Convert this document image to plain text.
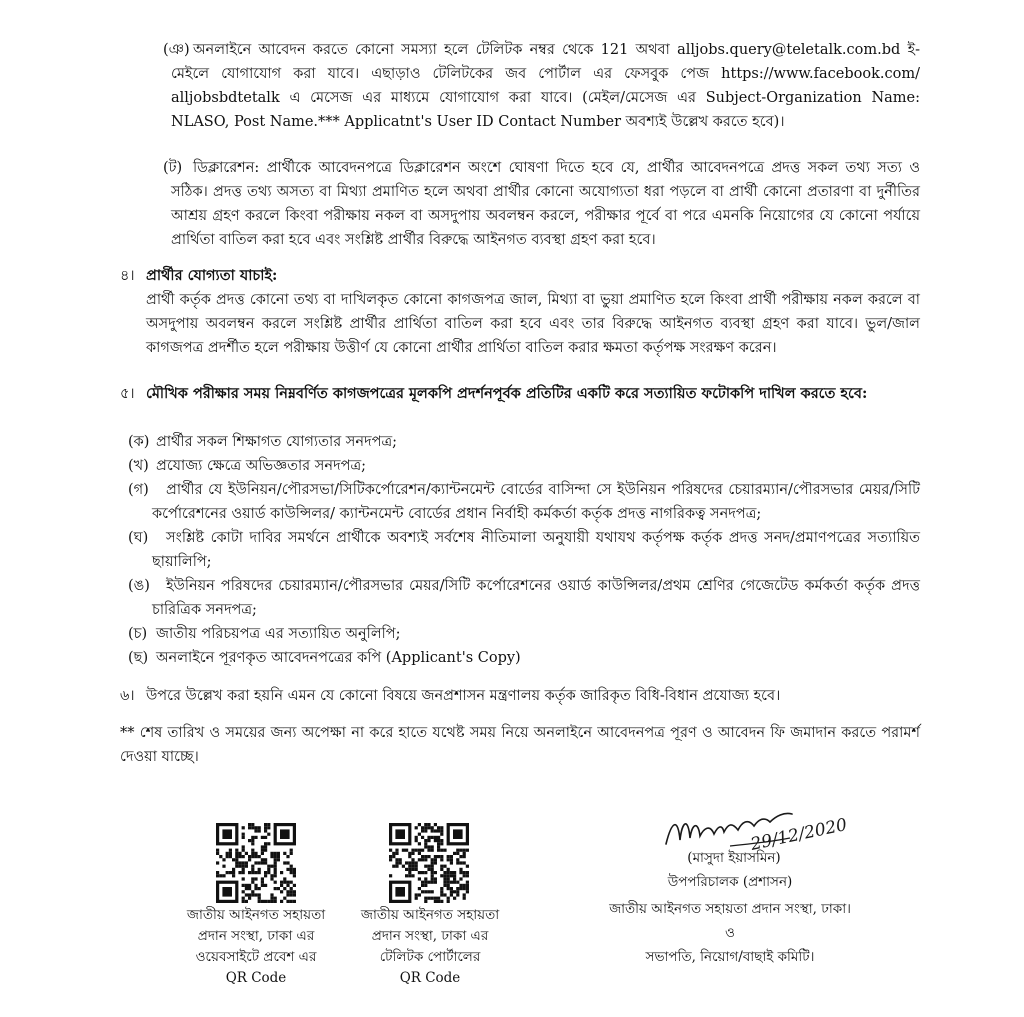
(ঞ) অনলাইনে আবেদন করতে কোনো সমস্যা হলে টেলিটক নম্বর থেকে 121 অথবা alljobs.query@teletalk.com.bd ই-মেইলে যোগাযোগ করা যাবে। এছাড়াও টেলিটকের জব পোর্টাল এর ফেসবুক পেজ https://www.facebook.com/ alljobsbdtetalk এ মেসেজ এর মাধ্যমে যোগাযোগ করা যাবে। (মেইল/মেসেজ এর Subject-Organization Name: NLASO, Post Name.*** Applicatnt's User ID Contact Number অবশ্যই উল্লেখ করতে হবে)।
(ট) ডিক্লারেশন: প্রার্থীকে আবেদনপত্রে ডিক্লারেশন অংশে ঘোষণা দিতে হবে যে, প্রার্থীর আবেদনপত্রে প্রদত্ত সকল তথ্য সত্য ও সঠিক। প্রদত্ত তথ্য অসত্য বা মিথ্যা প্রমাণিত হলে অথবা প্রার্থীর কোনো অযোগ্যতা ধরা পড়লে বা প্রার্থী কোনো প্রতারণা বা দুর্নীতির আশ্রয় গ্রহণ করলে কিংবা পরীক্ষায় নকল বা অসদুপায় অবলম্বন করলে, পরীক্ষার পূর্বে বা পরে এমনকি নিয়োগের যে কোনো পর্যায়ে প্রার্থিতা বাতিল করা হবে এবং সংশ্লিষ্ট প্রার্থীর বিরুদ্ধে আইনগত ব্যবস্থা গ্রহণ করা হবে।
৪। প্রার্থীর যোগ্যতা যাচাই:
প্রার্থী কর্তৃক প্রদত্ত কোনো তথ্য বা দাখিলকৃত কোনো কাগজপত্র জাল, মিথ্যা বা ভুয়া প্রমাণিত হলে কিংবা প্রার্থী পরীক্ষায় নকল করলে বা অসদুপায় অবলম্বন করলে সংশ্লিষ্ট প্রার্থীর প্রার্থিতা বাতিল করা হবে এবং তার বিরুদ্ধে আইনগত ব্যবস্থা গ্রহণ করা যাবে। ভুল/জাল কাগজপত্র প্রদর্শীত হলে পরীক্ষায় উত্তীর্ণ যে কোনো প্রার্থীর প্রার্থিতা বাতিল করার ক্ষমতা কর্তৃপক্ষ সংরক্ষণ করেন।
৫। মৌখিক পরীক্ষার সময় নিম্নবর্ণিত কাগজপত্রের মূলকপি প্রদর্শনপূর্বক প্রতিটির একটি করে সত্যায়িত ফটোকপি দাখিল করতে হবে:
(ক) প্রার্থীর সকল শিক্ষাগত যোগ্যতার সনদপত্র;
(খ) প্রযোজ্য ক্ষেত্রে অভিজ্ঞতার সনদপত্র;
(গ)	প্রার্থীর যে ইউনিয়ন/পৌরসভা/সিটিকর্পোরেশন/ক্যান্টনমেন্ট বোর্ডের বাসিন্দা সে ইউনিয়ন পরিষদের চেয়ারম্যান/পৌরসভার মেয়র/সিটি কর্পোরেশনের ওয়ার্ড কাউন্সিলর/ ক্যান্টনমেন্ট বোর্ডের প্রধান নির্বাহী কর্মকর্তা কর্তৃক প্রদত্ত নাগরিকত্ব সনদপত্র;
(ঘ)	সংশ্লিষ্ট কোটা দাবির সমর্থনে প্রার্থীকে অবশ্যই সর্বশেষ নীতিমালা অনুযায়ী যথাযথ কর্তৃপক্ষ কর্তৃক প্রদত্ত সনদ/প্রমাণপত্রের সত্যায়িত ছায়ালিপি;
(ঙ)	ইউনিয়ন পরিষদের চেয়ারম্যান/পৌরসভার মেয়র/সিটি কর্পোরেশনের ওয়ার্ড কাউন্সিলর/প্রথম শ্রেণির গেজেটেড কর্মকর্তা কর্তৃক প্রদত্ত চারিত্রিক সনদপত্র;
(চ) জাতীয় পরিচয়পত্র এর সত্যায়িত অনুলিপি;
(ছ) অনলাইনে পূরণকৃত আবেদনপত্রের কপি (Applicant's Copy)
৬। উপরে উল্লেখ করা হয়নি এমন যে কোনো বিষয়ে জনপ্রশাসন মন্ত্রণালয় কর্তৃক জারিকৃত বিধি-বিধান প্রযোজ্য হবে।
** শেষ তারিখ ও সময়ের জন্য অপেক্ষা না করে হাতে যথেষ্ট সময় নিয়ে অনলাইনে আবেদনপত্র পূরণ ও আবেদন ফি জমাদান করতে পরামর্শ দেওয়া যাচ্ছে।
29/12/2020
(মাসুদা ইয়াসমিন)
উপপরিচালক (প্রশাসন)
জাতীয় আইনগত সহায়তা প্রদান সংস্থা, ঢাকা।
ও
সভাপতি, নিয়োগ/বাছাই কমিটি।
জাতীয় আইনগত সহায়তা
প্রদান সংস্থা, ঢাকা এর
ওয়েবসাইটে প্রবেশ এর
QR Code
জাতীয় আইনগত সহায়তা
প্রদান সংস্থা, ঢাকা এর
টেলিটক পোর্টালের
QR Code
